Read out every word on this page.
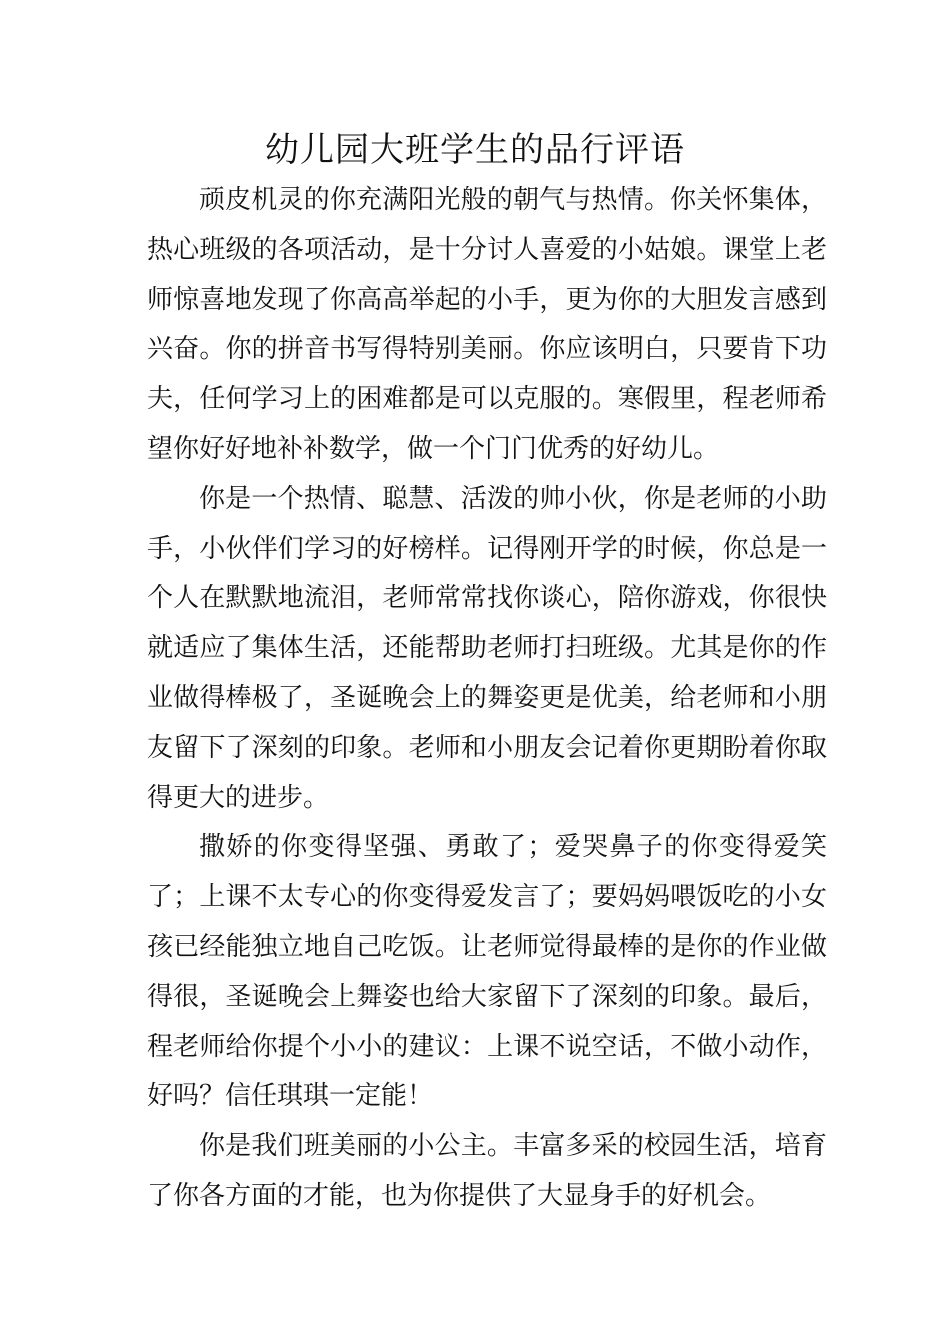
幼儿园大班学生的品行评语

顽皮机灵的你充满阳光般的朝气与热情。你关怀集体，热心班级的各项活动，是十分讨人喜爱的小姑娘。课堂上老师惊喜地发现了你高高举起的小手，更为你的大胆发言感到兴奋。你的拼音书写得特别美丽。你应该明白，只要肯下功夫，任何学习上的困难都是可以克服的。寒假里，程老师希望你好好地补补数学，做一个门门优秀的好幼儿。

你是一个热情、聪慧、活泼的帅小伙，你是老师的小助手，小伙伴们学习的好榜样。记得刚开学的时候，你总是一个人在默默地流泪，老师常常找你谈心，陪你游戏，你很快就适应了集体生活，还能帮助老师打扫班级。尤其是你的作业做得棒极了，圣诞晚会上的舞姿更是优美，给老师和小朋友留下了深刻的印象。老师和小朋友会记着你更期盼着你取得更大的进步。

撒娇的你变得坚强、勇敢了；爱哭鼻子的你变得爱笑了；上课不太专心的你变得爱发言了；要妈妈喂饭吃的小女孩已经能独立地自己吃饭。让老师觉得最棒的是你的作业做得很，圣诞晚会上舞姿也给大家留下了深刻的印象。最后，程老师给你提个小小的建议：上课不说空话，不做小动作，好吗？信任琪琪一定能！

你是我们班美丽的小公主。丰富多采的校园生活，培育了你各方面的才能，也为你提供了大显身手的好机会。
